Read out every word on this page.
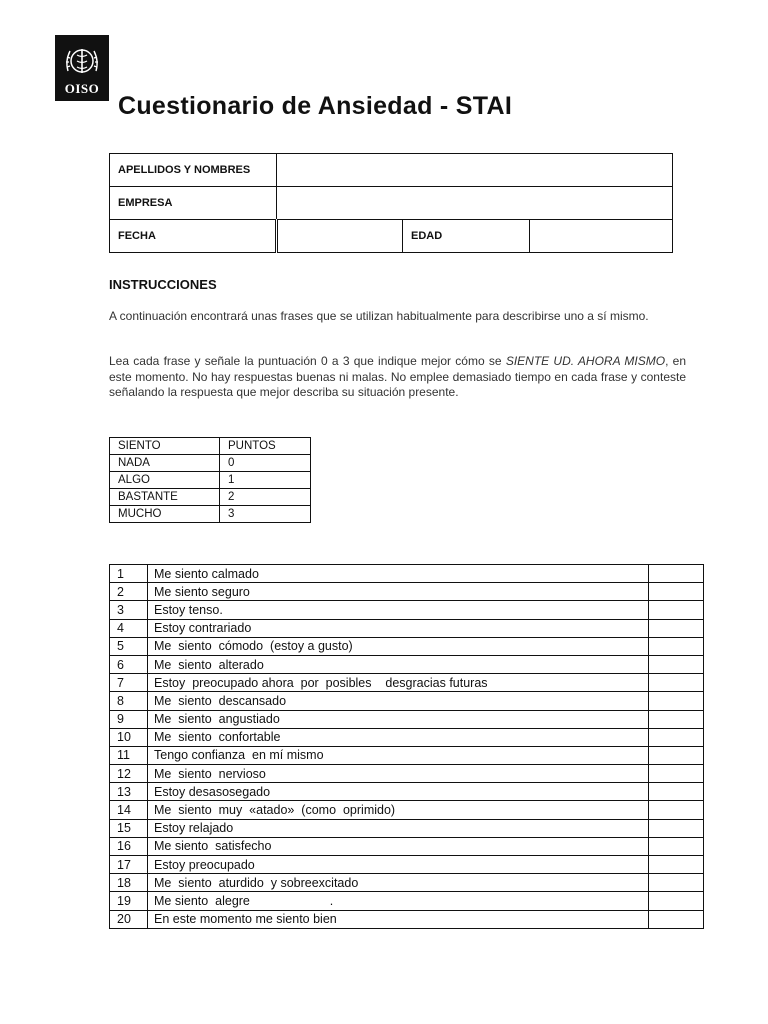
OISO
Cuestionario de Ansiedad - STAI
APELLIDOS Y NOMBRES			
EMPRESA			
FECHA		EDAD	
INSTRUCCIONES

A continuación encontrará unas frases que se utilizan habitualmente para describirse uno a sí mismo.

Lea cada frase y señale la puntuación 0 a 3 que indique mejor cómo se SIENTE UD. AHORA MISMO, en este momento. No hay respuestas buenas ni malas. No emplee demasiado tiempo en cada frase y conteste señalando la respuesta que mejor describa su situación presente.

SIENTO	PUNTOS
NADA	0
ALGO	1
BASTANTE	2
MUCHO	3
1	Me siento calmado	
2	Me siento seguro	
3	Estoy tenso.	
4	Estoy contrariado	
5	Me  siento  cómodo  (estoy a gusto)	
6	Me  siento  alterado	
7	Estoy  preocupado ahora  por  posibles    desgracias futuras	
8	Me  siento  descansado	
9	Me  siento  angustiado	
10	Me  siento  confortable	
11	Tengo confianza  en mí mismo	
12	Me  siento  nervioso	
13	Estoy desasosegado	
14	Me  siento  muy  «atado»  (como  oprimido)	
15	Estoy relajado	
16	Me siento  satisfecho	
17	Estoy preocupado	
18	Me  siento  aturdido  y sobreexcitado	
19	Me siento  alegre                       .	
20	En este momento me siento bien	
